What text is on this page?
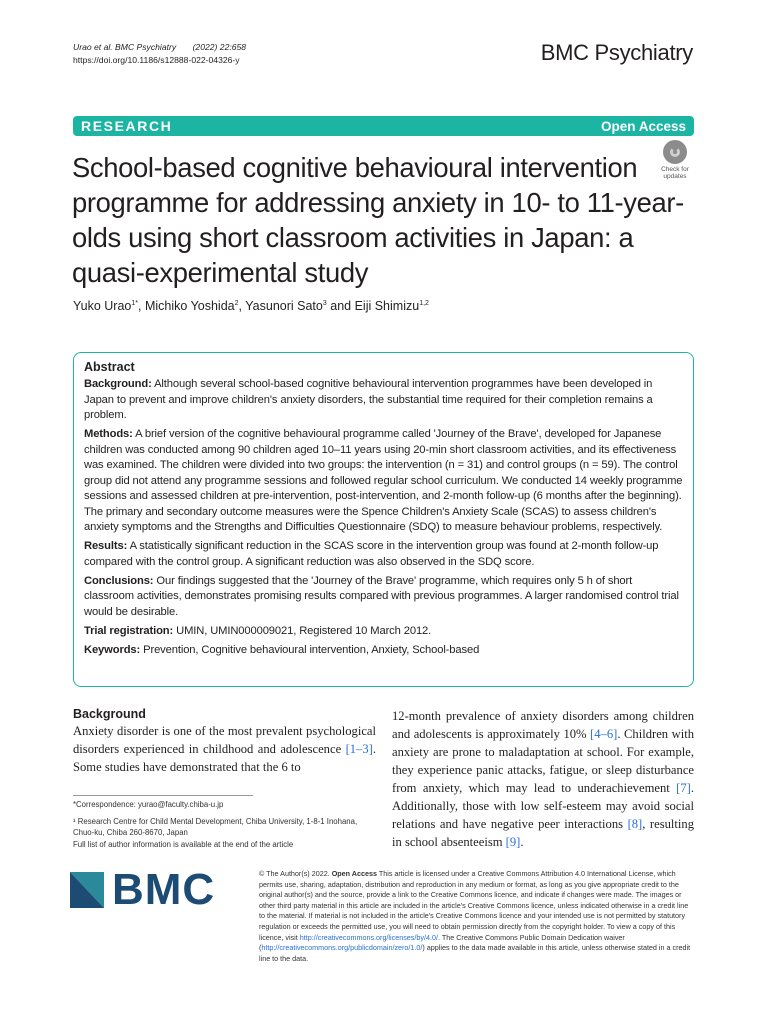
Urao et al. BMC Psychiatry (2022) 22:658
https://doi.org/10.1186/s12888-022-04326-y	BMC Psychiatry
RESEARCH	Open Access
School-based cognitive behavioural intervention programme for addressing anxiety in 10- to 11-year-olds using short classroom activities in Japan: a quasi-experimental study
Check for
updates
Yuko Urao$^{1*}$, Michiko Yoshida$^2$, Yasunori Sato$^3$ and Eiji Shimizu$^{1,2}$
Abstract

Background: Although several school-based cognitive behavioural intervention programmes have been developed in Japan to prevent and improve children's anxiety disorders, the substantial time required for their completion remains a problem.

Methods: A brief version of the cognitive behavioural programme called 'Journey of the Brave', developed for Japanese children was conducted among 90 children aged 10–11 years using 20-min short classroom activities, and its effectiveness was examined. The children were divided into two groups: the intervention (n = 31) and control groups (n = 59). The control group did not attend any programme sessions and followed regular school curriculum. We conducted 14 weekly programme sessions and assessed children at pre-intervention, post-intervention, and 2-month follow-up (6 months after the beginning). The primary and secondary outcome measures were the Spence Children's Anxiety Scale (SCAS) to assess children's anxiety symptoms and the Strengths and Difficulties Questionnaire (SDQ) to measure behaviour problems, respectively.

Results: A statistically significant reduction in the SCAS score in the intervention group was found at 2-month follow-up compared with the control group. A significant reduction was also observed in the SDQ score.

Conclusions: Our findings suggested that the 'Journey of the Brave' programme, which requires only 5 h of short classroom activities, demonstrates promising results compared with previous programmes. A larger randomised control trial would be desirable.

Trial registration: UMIN, UMIN000009021, Registered 10 March 2012.

Keywords: Prevention, Cognitive behavioural intervention, Anxiety, School-based

Background

Anxiety disorder is one of the most prevalent psychological disorders experienced in childhood and adolescence [1–3]. Some studies have demonstrated that the 6 to

12-month prevalence of anxiety disorders among children and adolescents is approximately 10% [4–6]. Children with anxiety are prone to maladaptation at school. For example, they experience panic attacks, fatigue, or sleep disturbance from anxiety, which may lead to underachievement [7]. Additionally, those with low self-esteem may avoid social relations and have negative peer interactions [8], resulting in school absenteeism [9].

*Correspondence: yurao@faculty.chiba-u.jp
¹ Research Centre for Child Mental Development, Chiba University, 1-8-1 Inohana, Chuo-ku, Chiba 260-8670, Japan
Full list of author information is available at the end of the article
BMC	© The Author(s) 2022. Open Access This article is licensed under a Creative Commons Attribution 4.0 International License, which permits use, sharing, adaptation, distribution and reproduction in any medium or format, as long as you give appropriate credit to the original author(s) and the source, provide a link to the Creative Commons licence, and indicate if changes were made. The images or other third party material in this article are included in the article's Creative Commons licence, unless indicated otherwise in a credit line to the material. If material is not included in the article's Creative Commons licence and your intended use is not permitted by statutory regulation or exceeds the permitted use, you will need to obtain permission directly from the copyright holder. To view a copy of this licence, visit http://creativecommons.org/licenses/by/4.0/. The Creative Commons Public Domain Dedication waiver (http://creativecommons.org/publicdomain/zero/1.0/) applies to the data made available in this article, unless otherwise stated in a credit line to the data.
